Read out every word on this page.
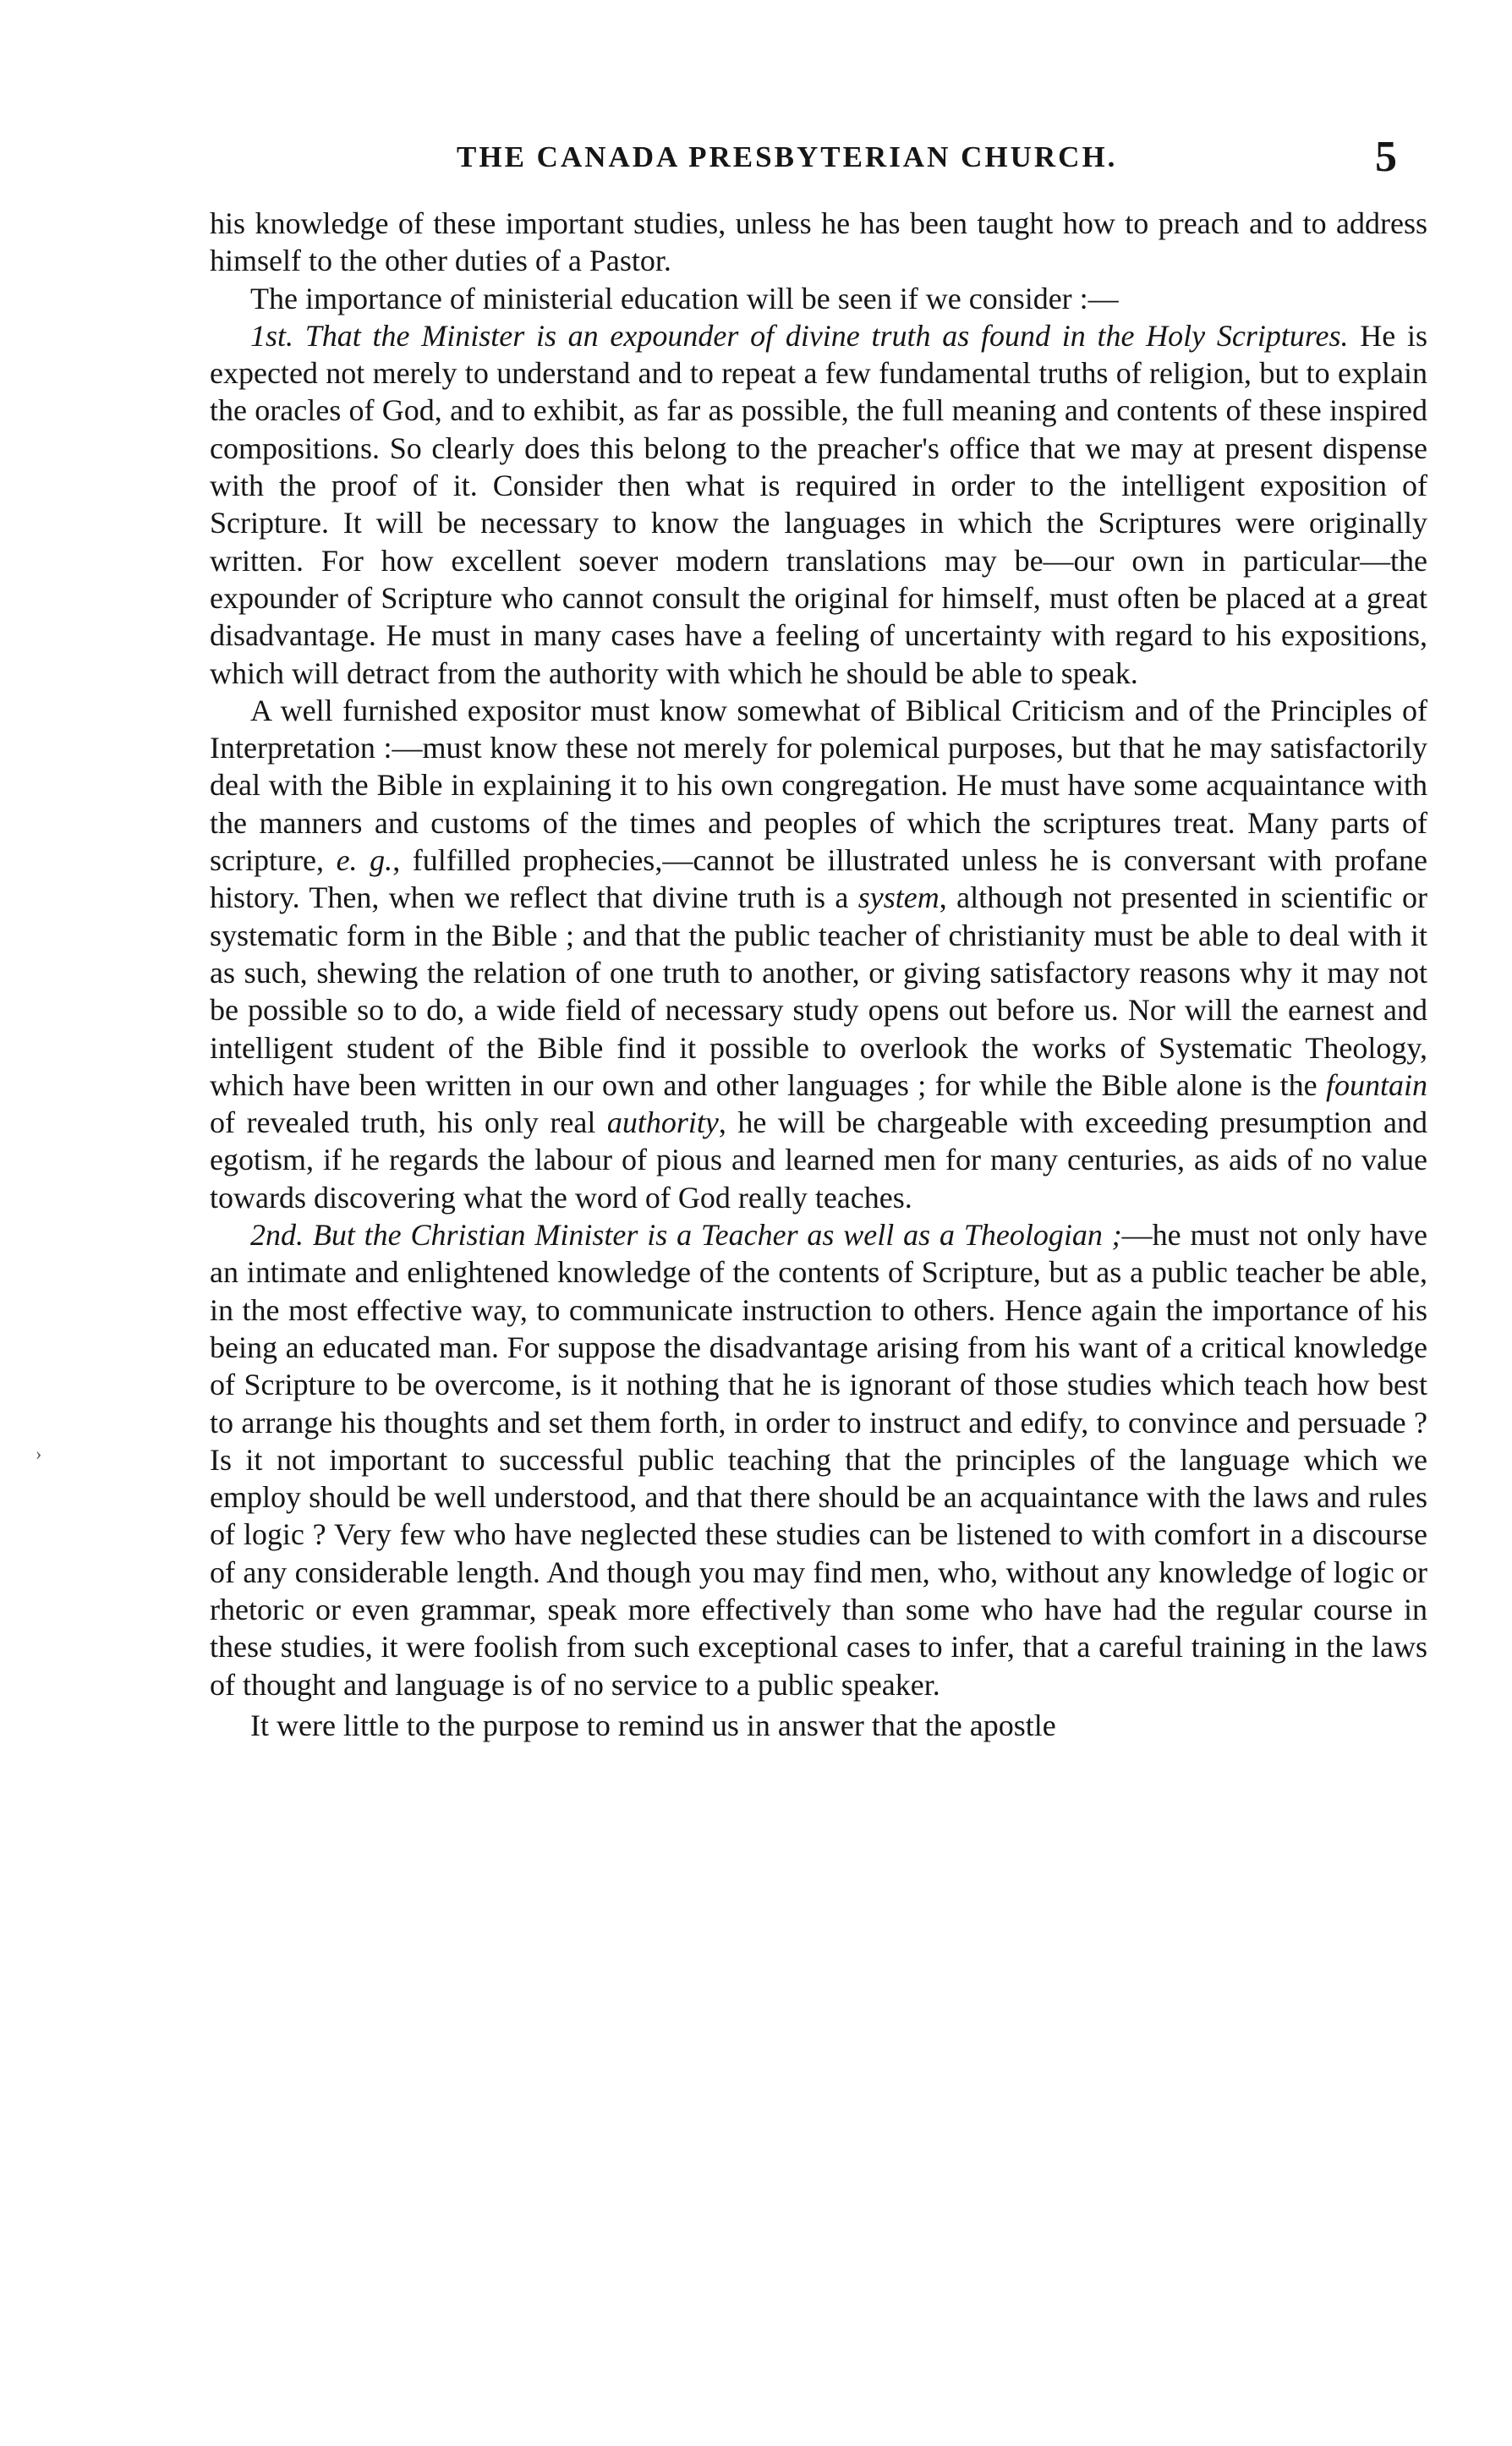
THE CANADA PRESBYTERIAN CHURCH.	5
›

his knowledge of these important studies, unless he has been taught how to preach and to address himself to the other duties of a Pastor.

The importance of ministerial education will be seen if we consider :—

1st. That the Minister is an expounder of divine truth as found in the Holy Scriptures. He is expected not merely to understand and to repeat a few fundamental truths of religion, but to explain the oracles of God, and to exhibit, as far as possible, the full meaning and contents of these inspired compositions. So clearly does this belong to the preacher's office that we may at present dispense with the proof of it. Consider then what is required in order to the intelligent exposition of Scripture. It will be necessary to know the languages in which the Scriptures were originally written. For how excellent soever modern translations may be—our own in particular—the expounder of Scripture who cannot consult the original for himself, must often be placed at a great disadvantage. He must in many cases have a feeling of uncertainty with regard to his expositions, which will detract from the authority with which he should be able to speak.

A well furnished expositor must know somewhat of Biblical Criticism and of the Principles of Interpretation :—must know these not merely for polemical purposes, but that he may satisfactorily deal with the Bible in explaining it to his own congregation. He must have some acquaintance with the manners and customs of the times and peoples of which the scriptures treat. Many parts of scripture, e. g., fulfilled prophecies,—cannot be illustrated unless he is conversant with profane history. Then, when we reflect that divine truth is a system, although not presented in scientific or systematic form in the Bible ; and that the public teacher of christianity must be able to deal with it as such, shewing the relation of one truth to another, or giving satisfactory reasons why it may not be possible so to do, a wide field of necessary study opens out before us. Nor will the earnest and intelligent student of the Bible find it possible to overlook the works of Systematic Theology, which have been written in our own and other languages ; for while the Bible alone is the fountain of revealed truth, his only real authority, he will be chargeable with exceeding presumption and egotism, if he regards the labour of pious and learned men for many centuries, as aids of no value towards discovering what the word of God really teaches.

2nd. But the Christian Minister is a Teacher as well as a Theologian ;—he must not only have an intimate and enlightened knowledge of the contents of Scripture, but as a public teacher be able, in the most effective way, to communicate instruction to others. Hence again the importance of his being an educated man. For suppose the disadvantage arising from his want of a critical knowledge of Scripture to be overcome, is it nothing that he is ignorant of those studies which teach how best to arrange his thoughts and set them forth, in order to instruct and edify, to convince and persuade ? Is it not important to successful public teaching that the principles of the language which we employ should be well understood, and that there should be an acquaintance with the laws and rules of logic ? Very few who have neglected these studies can be listened to with comfort in a discourse of any considerable length. And though you may find men, who, without any knowledge of logic or rhetoric or even grammar, speak more effectively than some who have had the regular course in these studies, it were foolish from such exceptional cases to infer, that a careful training in the laws of thought and language is of no service to a public speaker.

It were little to the purpose to remind us in answer that the apostle
